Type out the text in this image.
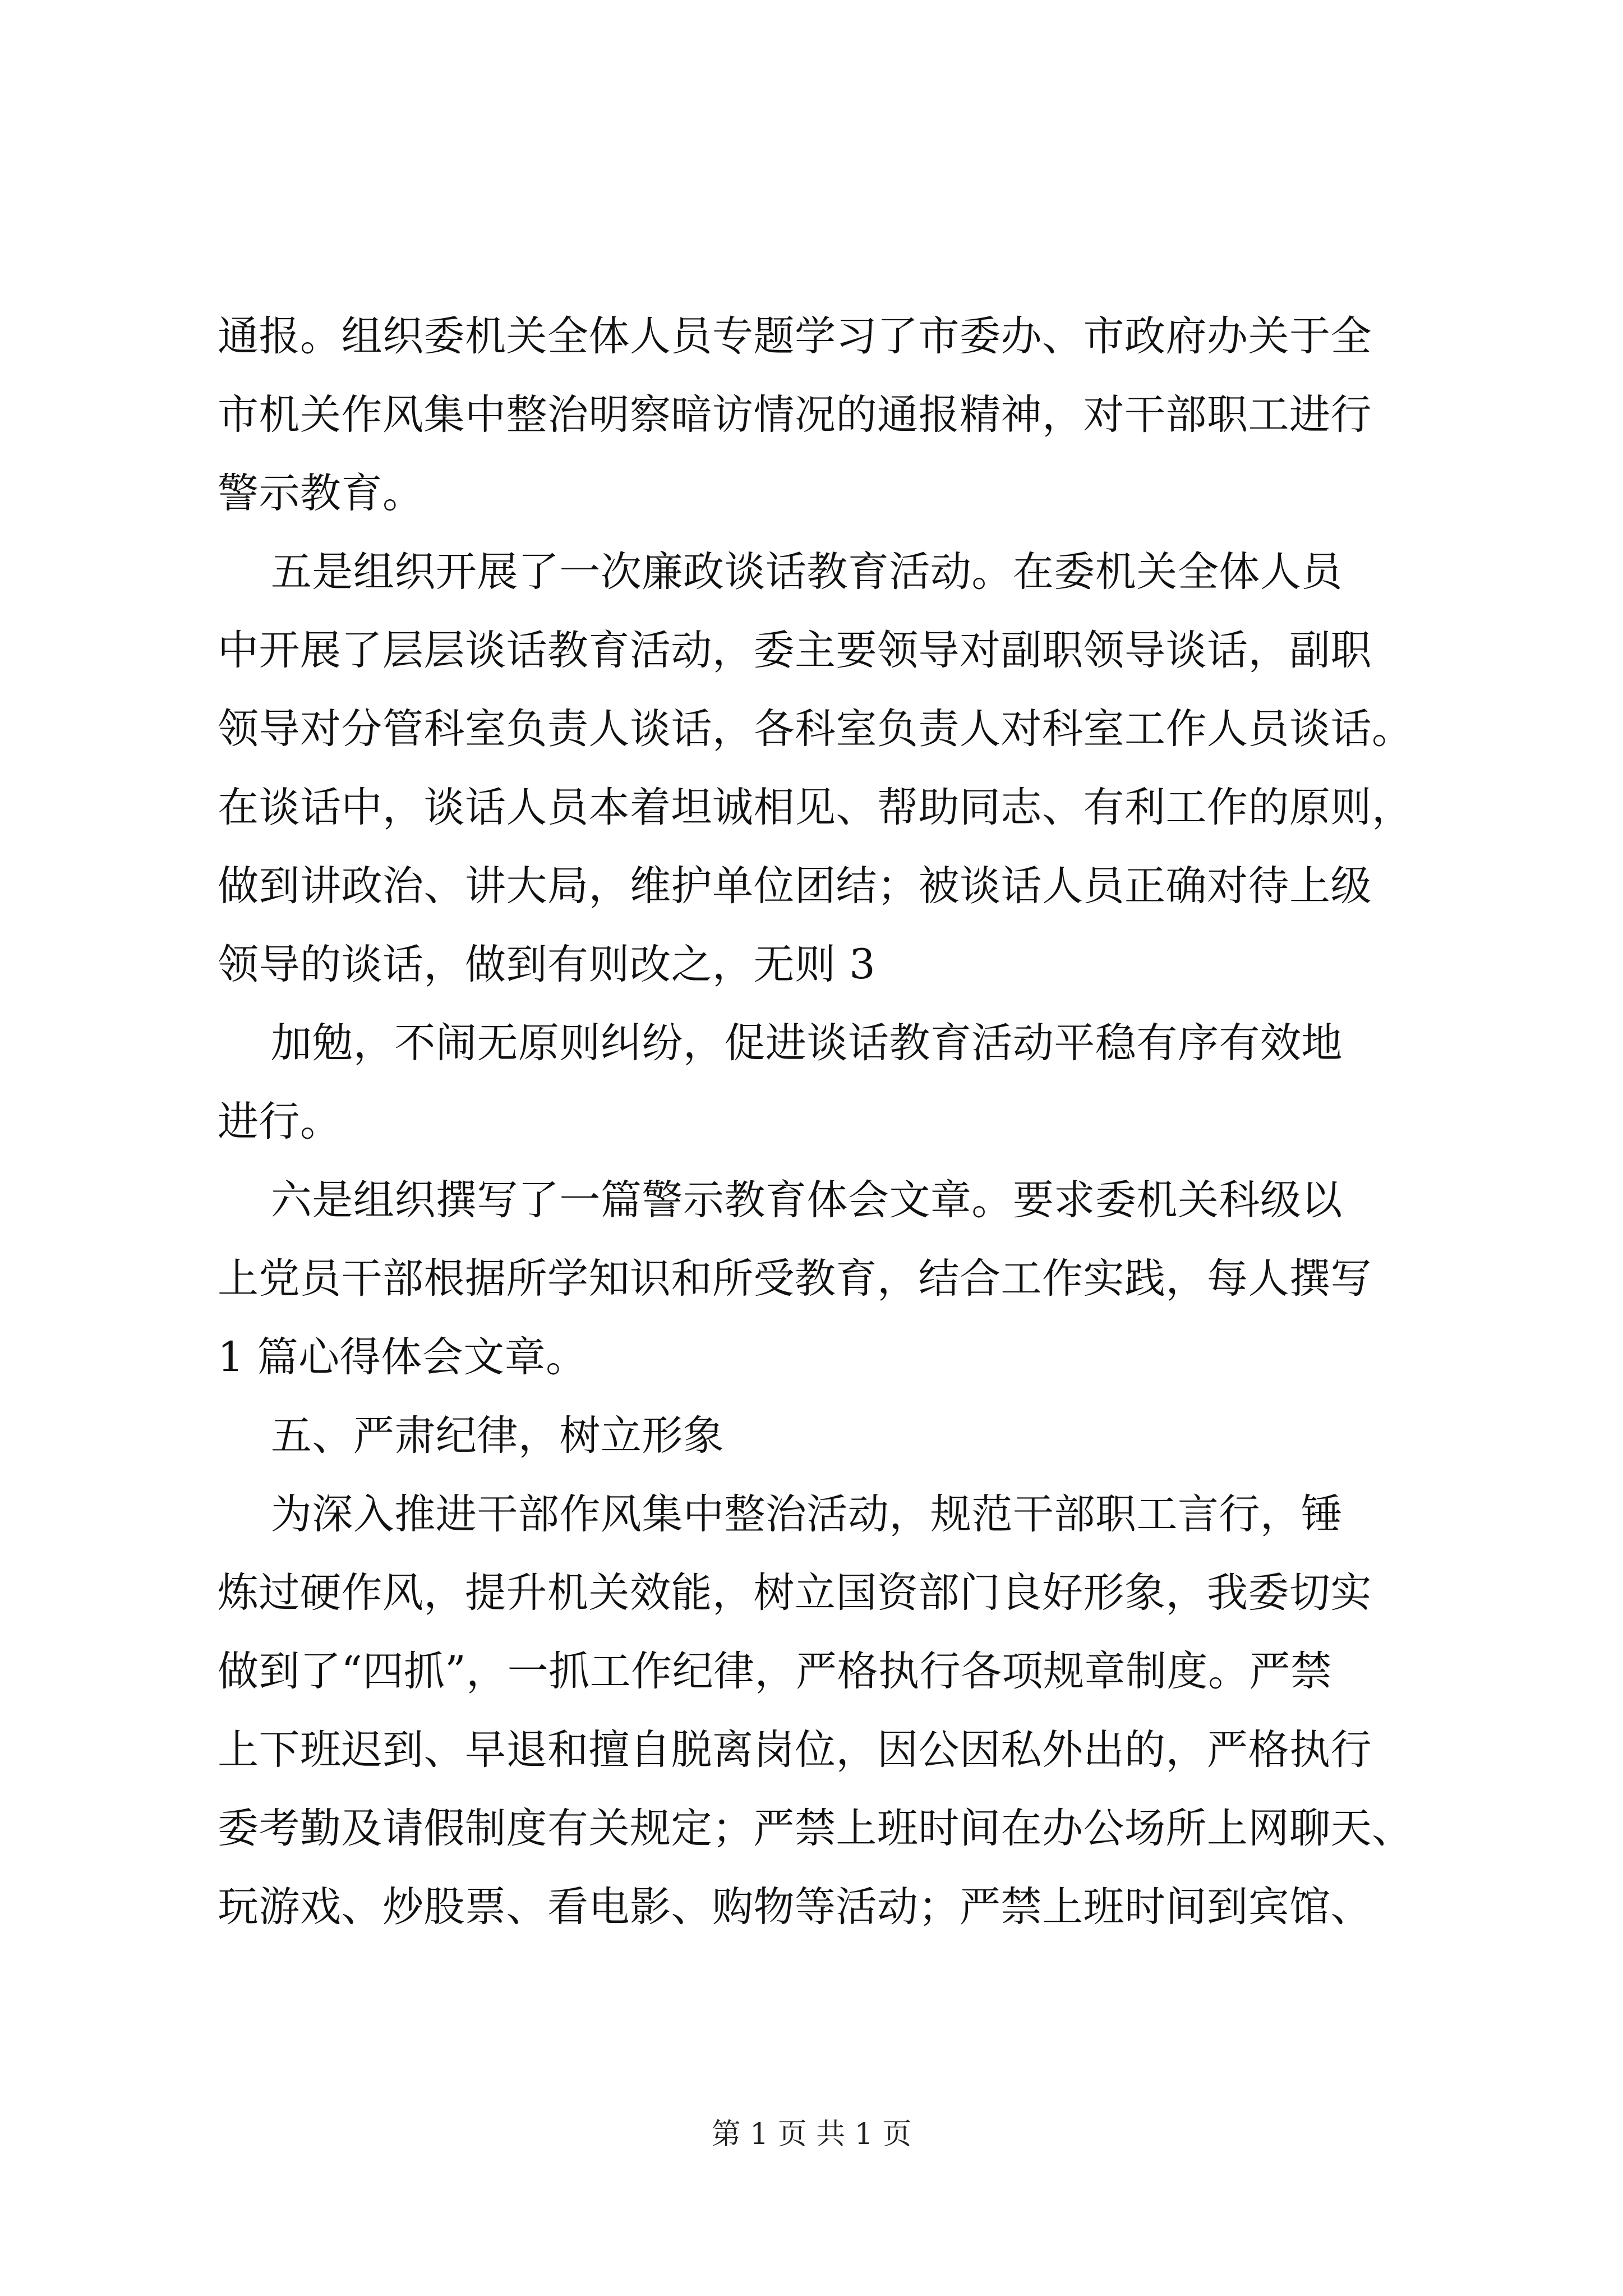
通报。组织委机关全体人员专题学习了市委办、市政府办关于全
市机关作风集中整治明察暗访情况的通报精神，对干部职工进行
警示教育。
五是组织开展了一次廉政谈话教育活动。在委机关全体人员
中开展了层层谈话教育活动，委主要领导对副职领导谈话，副职
领导对分管科室负责人谈话，各科室负责人对科室工作人员谈话。
在谈话中，谈话人员本着坦诚相见、帮助同志、有利工作的原则，
做到讲政治、讲大局，维护单位团结；被谈话人员正确对待上级
领导的谈话，做到有则改之，无则 3
加勉，不闹无原则纠纷，促进谈话教育活动平稳有序有效地
进行。
六是组织撰写了一篇警示教育体会文章。要求委机关科级以
上党员干部根据所学知识和所受教育，结合工作实践，每人撰写
1 篇心得体会文章。
五、严肃纪律，树立形象
为深入推进干部作风集中整治活动，规范干部职工言行，锤
炼过硬作风，提升机关效能，树立国资部门良好形象，我委切实
做到了“四抓”，一抓工作纪律，严格执行各项规章制度。严禁
上下班迟到、早退和擅自脱离岗位，因公因私外出的，严格执行
委考勤及请假制度有关规定；严禁上班时间在办公场所上网聊天、
玩游戏、炒股票、看电影、购物等活动；严禁上班时间到宾馆、
第 1 页 共 1 页
